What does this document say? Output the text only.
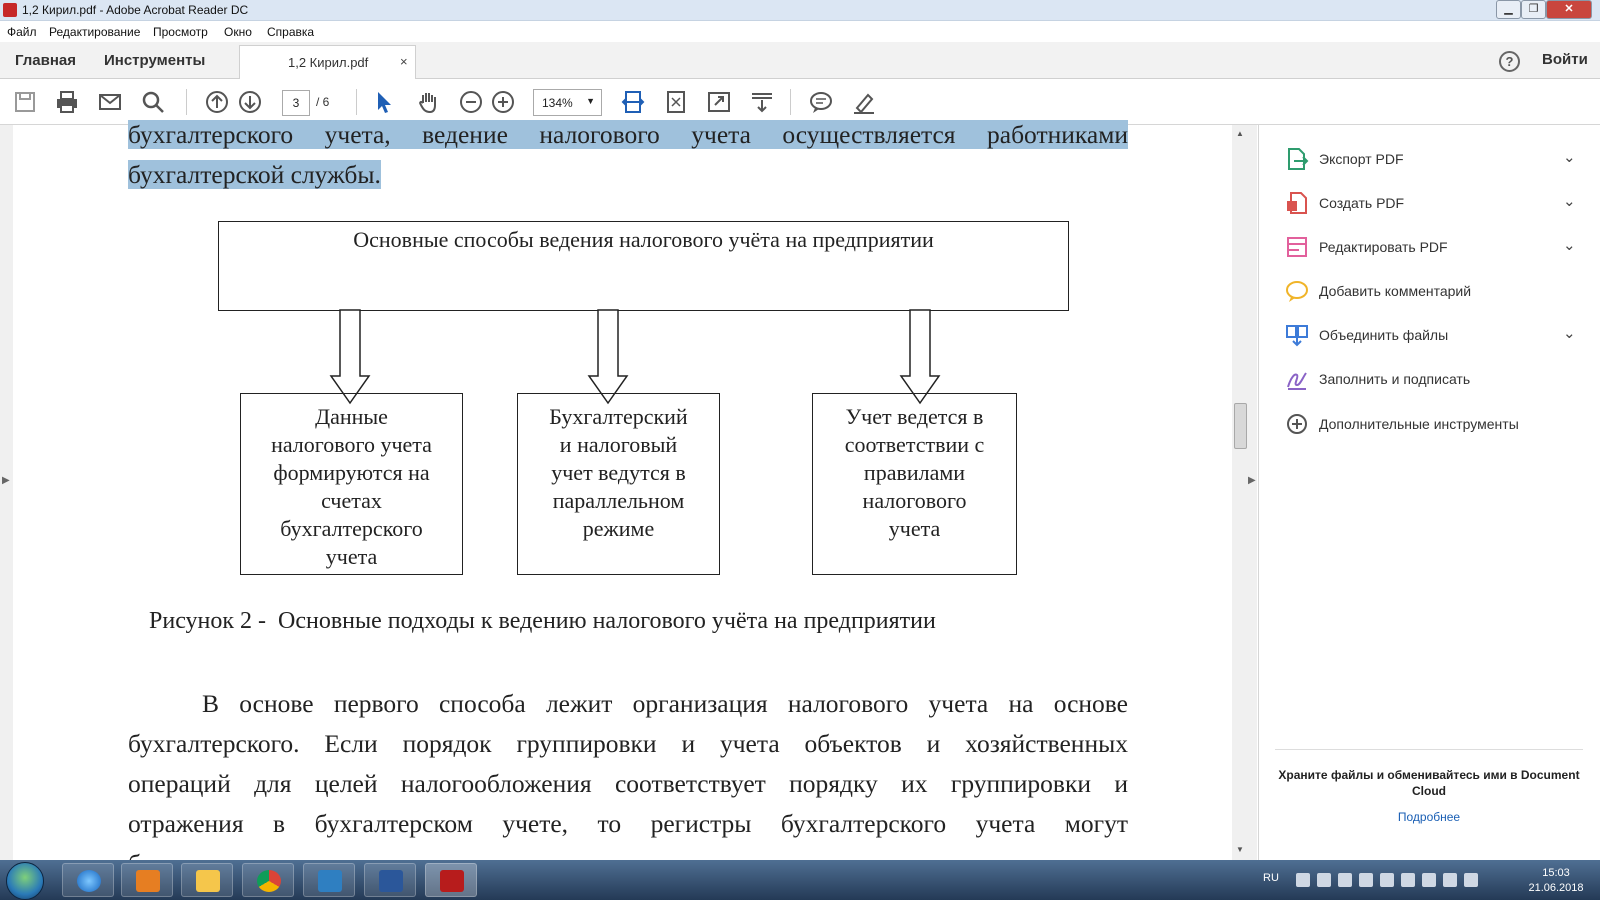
1,2 Кирил.pdf - Adobe Acrobat Reader DC	▁	❐	✕
Файл Редактирование Просмотр Окно Справка
Главная Инструменты	1,2 Кирил.pdf ×	?	Войти
3	/ 6	134% ▼
▶
бухгалтерского учета, ведение налогового учета осуществляется работниками
бухгалтерской службы.
Основные способы ведения налогового учёта на предприятии
Данные
налогового учета
формируются на
счетах
бухгалтерского
учета
Бухгалтерский
и налоговый
учет ведутся в
параллельном
режиме
Учет ведется в
соответствии с
правилами
налогового
учета
Рисунок 2 -  Основные подходы к ведению налогового учёта на предприятии
В основе первого способа лежит организация налогового учета на основе
бухгалтерского. Если порядок группировки и учета объектов и хозяйственных
операций для целей налогообложения соответствует порядку их группировки и
отражения в бухгалтерском учете, то регистры бухгалтерского учета могут
▲
▼
▶
Экспорт PDF	⌄
Создать PDF	⌄
Редактировать PDF	⌄
Добавить комментарий
Объединить файлы	⌄
Заполнить и подписать
Дополнительные инструменты
Храните файлы и обменивайтесь ими в Document Cloud
Подробнее
RU	15:03
21.06.2018
